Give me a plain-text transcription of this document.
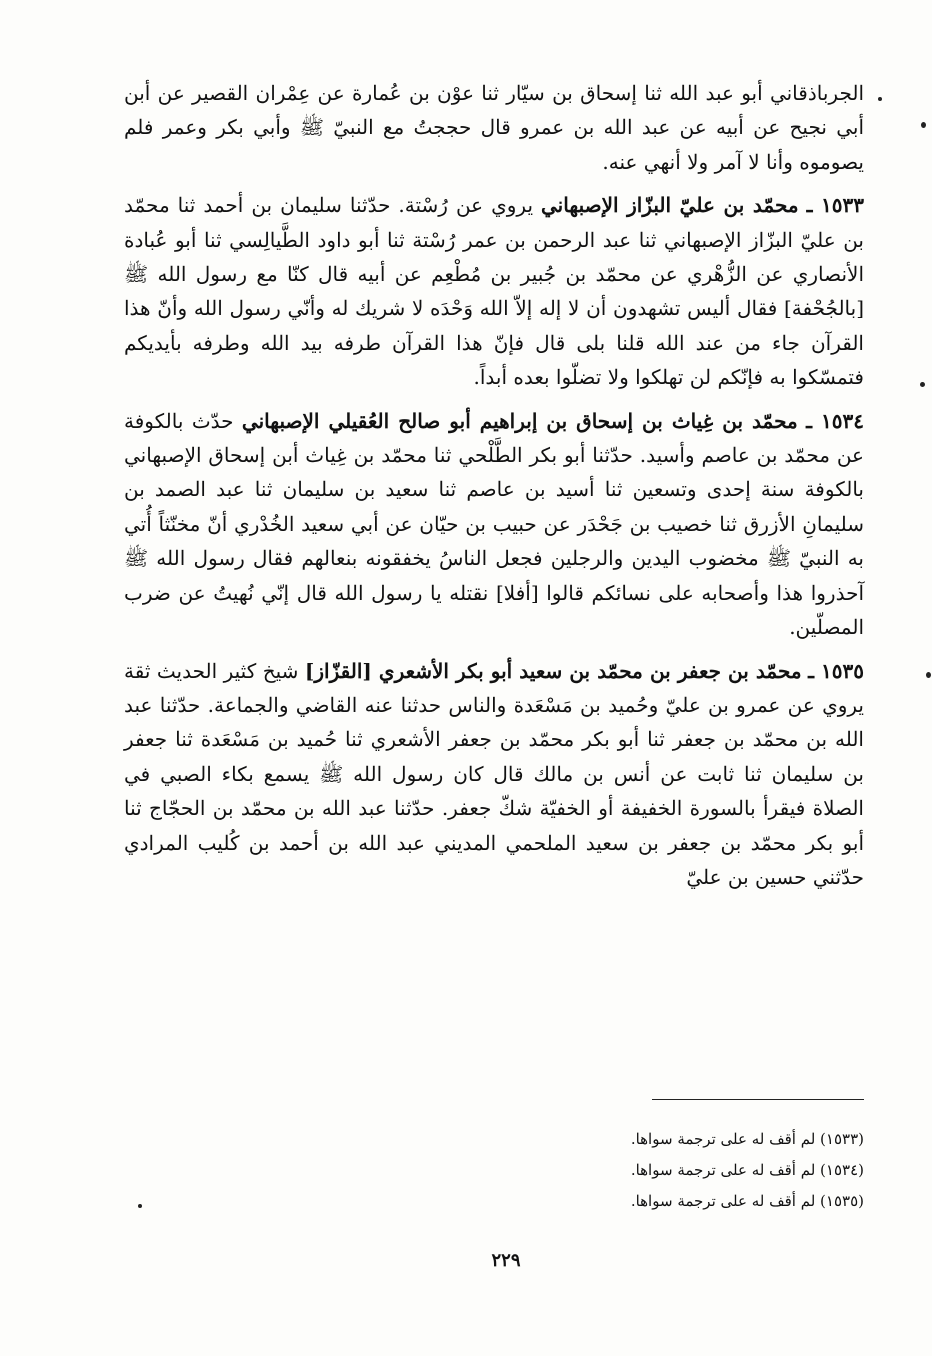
الجرباذقاني أبو عبد الله ثنا إسحاق بن سيّار ثنا عوْن بن عُمارة عن عِمْران القصير عن أبن أبي نجيح عن أبيه عن عبد الله بن عمرو قال حججتُ مع النبيّ ﷺ وأبي بكر وعمر فلم يصوموه وأنا لا آمر ولا أنهي عنه.

١٥٣٣ ـ محمّد بن عليّ البزّاز الإصبهاني يروي عن رُسْتة. حدّثنا سليمان بن أحمد ثنا محمّد بن عليّ البزّاز الإصبهاني ثنا عبد الرحمن بن عمر رُسْتة ثنا أبو داود الطَّيالِسي ثنا أبو عُبادة الأنصاري عن الزُّهْري عن محمّد بن جُبير بن مُطْعِم عن أبيه قال كنّا مع رسول الله ﷺ [بالجُحْفة] فقال أليس تشهدون أن لا إله إلاّ الله وَحْدَه لا شريك له وأنّي رسول الله وأنّ هذا القرآن جاء من عند الله قلنا بلى قال فإنّ هذا القرآن طرفه بيد الله وطرفه بأيديكم فتمسّكوا به فإنّكم لن تهلكوا ولا تضلّوا بعده أبداً.

١٥٣٤ ـ محمّد بن غِياث بن إسحاق بن إبراهيم أبو صالح العُقيلي الإصبهاني حدّث بالكوفة عن محمّد بن عاصم وأسيد. حدّثنا أبو بكر الطَّلْحي ثنا محمّد بن غِياث أبن إسحاق الإصبهاني بالكوفة سنة إحدى وتسعين ثنا أسيد بن عاصم ثنا سعيد بن سليمان ثنا عبد الصمد بن سليمانِ الأزرق ثنا خصيب بن جَحْدَر عن حبيب بن حيّان عن أبي سعيد الخُدْري أنّ مخنّثاً أُتي به النبيّ ﷺ مخضوب اليدين والرجلين فجعل الناسُ يخفقونه بنعالهم فقال رسول الله ﷺ آحذروا هذا وأصحابه على نسائكم قالوا [أفلا] نقتله يا رسول الله قال إنّي نُهيتُ عن ضرب المصلّين.

١٥٣٥ ـ محمّد بن جعفر بن محمّد بن سعيد أبو بكر الأشعري [القزّاز] شيخ كثير الحديث ثقة يروي عن عمرو بن عليّ وحُميد بن مَسْعَدة والناس حدثنا عنه القاضي والجماعة. حدّثنا عبد الله بن محمّد بن جعفر ثنا أبو بكر محمّد بن جعفر الأشعري ثنا حُميد بن مَسْعَدة ثنا جعفر بن سليمان ثنا ثابت عن أنس بن مالك قال كان رسول الله ﷺ يسمع بكاء الصبي في الصلاة فيقرأ بالسورة الخفيفة أو الخفيّة شكّ جعفر. حدّثنا عبد الله بن محمّد بن الحجّاج ثنا أبو بكر محمّد بن جعفر بن سعيد الملحمي المديني عبد الله بن أحمد بن كُليب المرادي حدّثني حسين بن عليّ

(١٥٣٣) لم أقف له على ترجمة سواها.
(١٥٣٤) لم أقف له على ترجمة سواها.
(١٥٣٥) لم أقف له على ترجمة سواها.
٢٢٩
